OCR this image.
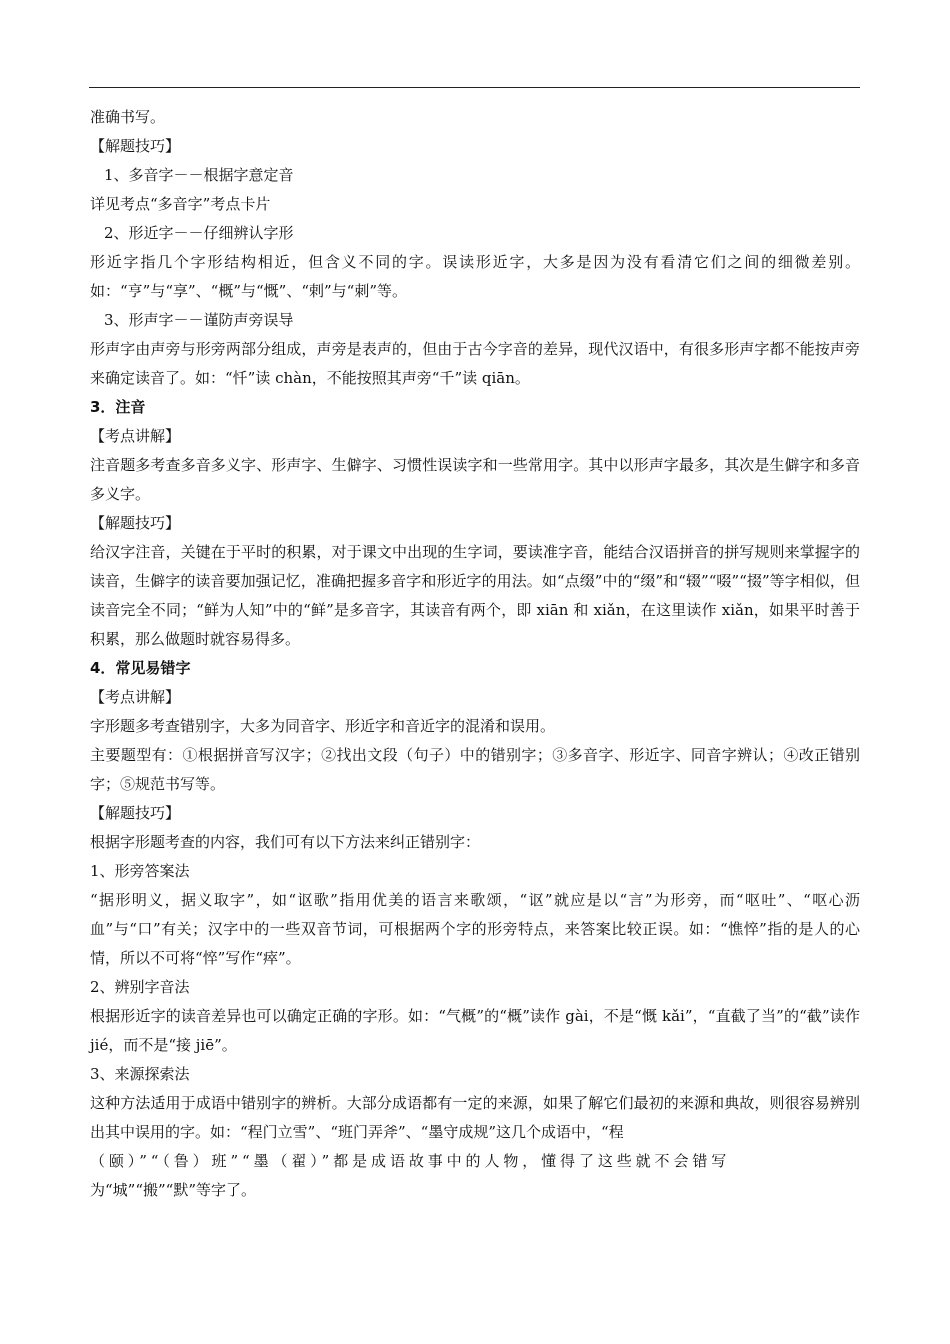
准确书写。

【解题技巧】

1、多音字－－根据字意定音

详见考点“多音字”考点卡片

2、形近字－－仔细辨认字形

形近字指几个字形结构相近，但含义不同的字。误读形近字，大多是因为没有看清它们之间的细微差别。如：“亨”与“享”、“概”与“慨”、“剌”与“刺”等。

3、形声字－－谨防声旁误导

形声字由声旁与形旁两部分组成，声旁是表声的，但由于古今字音的差异，现代汉语中，有很多形声字都不能按声旁来确定读音了。如：“忏”读 chàn，不能按照其声旁“千”读 qiān。

3．注音

【考点讲解】

注音题多考查多音多义字、形声字、生僻字、习惯性误读字和一些常用字。其中以形声字最多，其次是生僻字和多音多义字。

【解题技巧】

给汉字注音，关键在于平时的积累，对于课文中出现的生字词，要读准字音，能结合汉语拼音的拼写规则来掌握字的读音，生僻字的读音要加强记忆，准确把握多音字和形近字的用法。如“点缀”中的“缀”和“辍”“啜”“掇”等字相似，但读音完全不同；“鲜为人知”中的“鲜”是多音字，其读音有两个，即 xiān 和 xiǎn，在这里读作 xiǎn，如果平时善于积累，那么做题时就容易得多。

4．常见易错字

【考点讲解】

字形题多考查错别字，大多为同音字、形近字和音近字的混淆和误用。

主要题型有：①根据拼音写汉字；②找出文段（句子）中的错别字；③多音字、形近字、同音字辨认；④改正错别字；⑤规范书写等。

【解题技巧】

根据字形题考查的内容，我们可有以下方法来纠正错别字：

1、形旁答案法

“据形明义，据义取字”，如“讴歌”指用优美的语言来歌颂，“讴”就应是以“言”为形旁，而“呕吐”、“呕心沥血”与“口”有关；汉字中的一些双音节词，可根据两个字的形旁特点，来答案比较正误。如：“憔悴”指的是人的心情，所以不可将“悴”写作“瘁”。

2、辨别字音法

根据形近字的读音差异也可以确定正确的字形。如：“气概”的“概”读作 gài，不是“慨 kǎi”，“直截了当”的“截”读作 jié，而不是“接 jiē”。

3、来源探索法

这种方法适用于成语中错别字的辨析。大部分成语都有一定的来源，如果了解它们最初的来源和典故，则很容易辨别出其中误用的字。如：“程门立雪”、“班门弄斧”、“墨守成规”这几个成语中，“程

（颐）”“（鲁）班”“墨（翟）”都是成语故事中的人物，懂得了这些就不会错写

为“城”“搬”“默”等字了。
